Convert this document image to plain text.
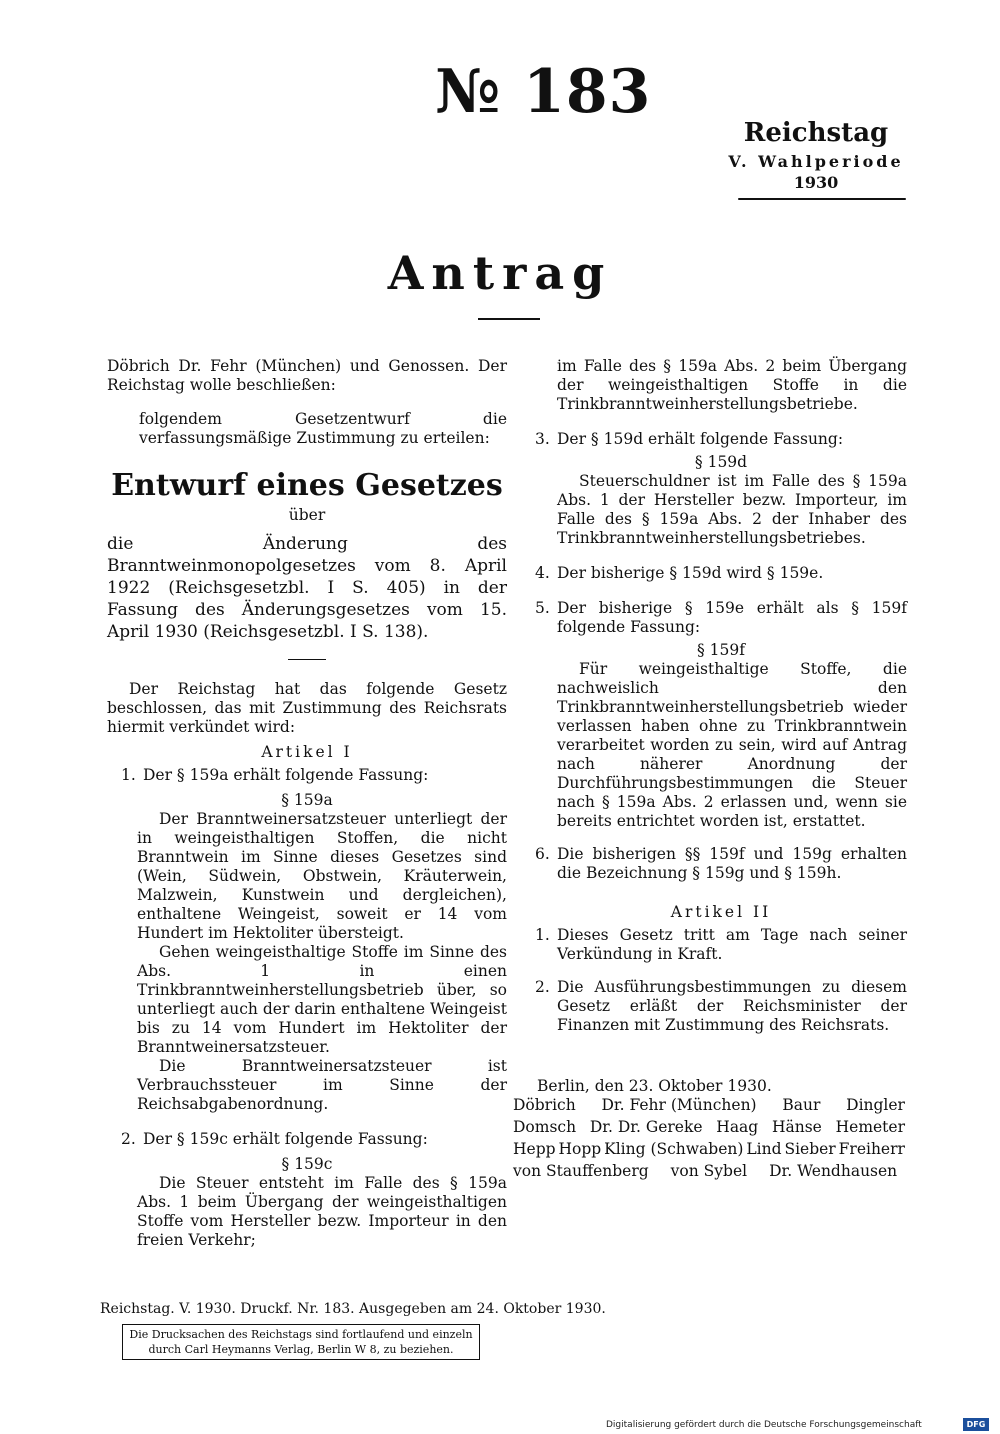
№ 183
Reichstag
V. Wahlperiode
1930
Antrag

Döbrich Dr. Fehr (München) und Genossen. Der Reichstag wolle beschließen:

folgendem Gesetzentwurf die verfassungsmäßige Zustimmung zu erteilen:

Entwurf eines Gesetzes

über

die Änderung des Branntweinmonopolgesetzes vom 8. April 1922 (Reichsgesetzbl. I S. 405) in der Fassung des Änderungsgesetzes vom 15. April 1930 (Reichsgesetzbl. I S. 138).

Der Reichstag hat das folgende Gesetz beschlossen, das mit Zustimmung des Reichsrats hiermit verkündet wird:

Artikel I

1. Der § 159a erhält folgende Fassung:

§ 159a

Der Branntweinersatzsteuer unterliegt der in weingeisthaltigen Stoffen, die nicht Branntwein im Sinne dieses Gesetzes sind (Wein, Südwein, Obstwein, Kräuterwein, Malzwein, Kunstwein und dergleichen), enthaltene Weingeist, soweit er 14 vom Hundert im Hektoliter übersteigt.

Gehen weingeisthaltige Stoffe im Sinne des Abs. 1 in einen Trinkbranntweinherstellungsbetrieb über, so unterliegt auch der darin enthaltene Weingeist bis zu 14 vom Hundert im Hektoliter der Branntweinersatzsteuer.

Die Branntweinersatzsteuer ist Verbrauchssteuer im Sinne der Reichsabgabenordnung.

2. Der § 159c erhält folgende Fassung:

§ 159c

Die Steuer entsteht im Falle des § 159a Abs. 1 beim Übergang der weingeisthaltigen Stoffe vom Hersteller bezw. Importeur in den freien Verkehr;

im Falle des § 159a Abs. 2 beim Übergang der weingeisthaltigen Stoffe in die Trinkbranntweinherstellungsbetriebe.

3. Der § 159d erhält folgende Fassung:

§ 159d

Steuerschuldner ist im Falle des § 159a Abs. 1 der Hersteller bezw. Importeur, im Falle des § 159a Abs. 2 der Inhaber des Trinkbranntweinherstellungsbetriebes.

4. Der bisherige § 159d wird § 159e.
5. Der bisherige § 159e erhält als § 159f folgende Fassung:

§ 159f

Für weingeisthaltige Stoffe, die nachweislich den Trinkbranntweinherstellungsbetrieb wieder verlassen haben ohne zu Trinkbranntwein verarbeitet worden zu sein, wird auf Antrag nach näherer Anordnung der Durchführungsbestimmungen die Steuer nach § 159a Abs. 2 erlassen und, wenn sie bereits entrichtet worden ist, erstattet.

6. Die bisherigen §§ 159f und 159g erhalten die Bezeichnung § 159g und § 159h.

Artikel II

1. Dieses Gesetz tritt am Tage nach seiner Verkündung in Kraft.
2. Die Ausführungsbestimmungen zu diesem Gesetz erläßt der Reichsminister der Finanzen mit Zustimmung des Reichsrats.

Berlin, den 23. Oktober 1930.

Döbrich Dr. Fehr (München) Baur Dingler
Domsch Dr. Dr. Gereke Haag Hänse Hemeter
Hepp Hopp Kling (Schwaben) Lind Sieber Freiherr
von Stauffenberg von Sybel Dr. Wendhausen
Reichstag. V. 1930. Druckf. Nr. 183. Ausgegeben am 24. Oktober 1930.
Die Drucksachen des Reichstags sind fortlaufend und einzeln
durch Carl Heymanns Verlag, Berlin W 8, zu beziehen.
Digitalisierung gefördert durch die Deutsche Forschungsgemeinschaft	DFG
